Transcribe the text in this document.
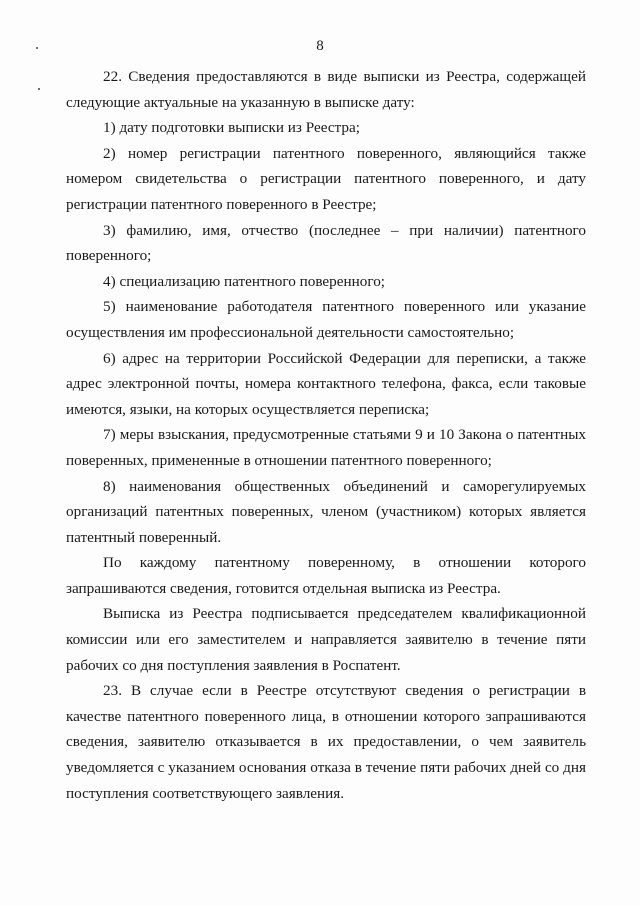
8

22. Сведения предоставляются в виде выписки из Реестра, содержащей следующие актуальные на указанную в выписке дату:

1) дату подготовки выписки из Реестра;

2) номер регистрации патентного поверенного, являющийся также номером свидетельства о регистрации патентного поверенного, и дату регистрации патентного поверенного в Реестре;

3) фамилию, имя, отчество (последнее – при наличии) патентного поверенного;

4) специализацию патентного поверенного;

5) наименование работодателя патентного поверенного или указание осуществления им профессиональной деятельности самостоятельно;

6) адрес на территории Российской Федерации для переписки, а также адрес электронной почты, номера контактного телефона, факса, если таковые имеются, языки, на которых осуществляется переписка;

7) меры взыскания, предусмотренные статьями 9 и 10 Закона о патентных поверенных, примененные в отношении патентного поверенного;

8) наименования общественных объединений и саморегулируемых организаций патентных поверенных, членом (участником) которых является патентный поверенный.

По каждому патентному поверенному, в отношении которого запрашиваются сведения, готовится отдельная выписка из Реестра.

Выписка из Реестра подписывается председателем квалификационной комиссии или его заместителем и направляется заявителю в течение пяти рабочих со дня поступления заявления в Роспатент.

23. В случае если в Реестре отсутствуют сведения о регистрации в качестве патентного поверенного лица, в отношении которого запрашиваются сведения, заявителю отказывается в их предоставлении, о чем заявитель уведомляется с указанием основания отказа в течение пяти рабочих дней со дня поступления соответствующего заявления.
